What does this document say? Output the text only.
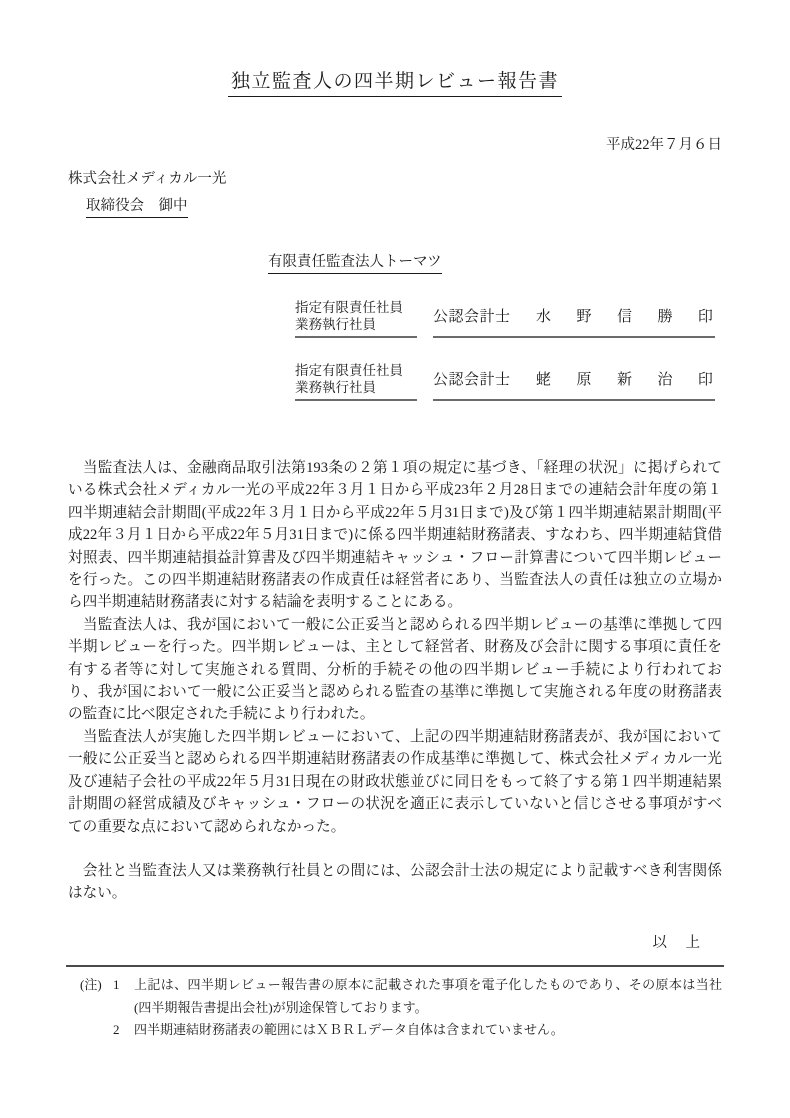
独立監査人の四半期レビュー報告書
平成22年７月６日
株式会社メディカル一光
取締役会　御中
有限責任監査法人トーマツ
指定有限責任社員
業務執行社員	公認会計士 水 野 信 勝 印
指定有限責任社員
業務執行社員	公認会計士 蛯 原 新 治 印

　当監査法人は、金融商品取引法第193条の２第１項の規定に基づき、「経理の状況」に掲げられている株式会社メディカル一光の平成22年３月１日から平成23年２月28日までの連結会計年度の第１四半期連結会計期間(平成22年３月１日から平成22年５月31日まで)及び第１四半期連結累計期間(平成22年３月１日から平成22年５月31日まで)に係る四半期連結財務諸表、すなわち、四半期連結貸借対照表、四半期連結損益計算書及び四半期連結キャッシュ・フロー計算書について四半期レビューを行った。この四半期連結財務諸表の作成責任は経営者にあり、当監査法人の責任は独立の立場から四半期連結財務諸表に対する結論を表明することにある。

　当監査法人は、我が国において一般に公正妥当と認められる四半期レビューの基準に準拠して四半期レビューを行った。四半期レビューは、主として経営者、財務及び会計に関する事項に責任を有する者等に対して実施される質問、分析的手続その他の四半期レビュー手続により行われており、我が国において一般に公正妥当と認められる監査の基準に準拠して実施される年度の財務諸表の監査に比べ限定された手続により行われた。

　当監査法人が実施した四半期レビューにおいて、上記の四半期連結財務諸表が、我が国において一般に公正妥当と認められる四半期連結財務諸表の作成基準に準拠して、株式会社メディカル一光及び連結子会社の平成22年５月31日現在の財政状態並びに同日をもって終了する第１四半期連結累計期間の経営成績及びキャッシュ・フローの状況を適正に表示していないと信じさせる事項がすべての重要な点において認められなかった。

　会社と当監査法人又は業務執行社員との間には、公認会計士法の規定により記載すべき利害関係はない。

以　上
(注) 1	上記は、四半期レビュー報告書の原本に記載された事項を電子化したものであり、その原本は当社(四半期報告書提出会社)が別途保管しております。
2	四半期連結財務諸表の範囲にはＸＢＲＬデータ自体は含まれていません。
